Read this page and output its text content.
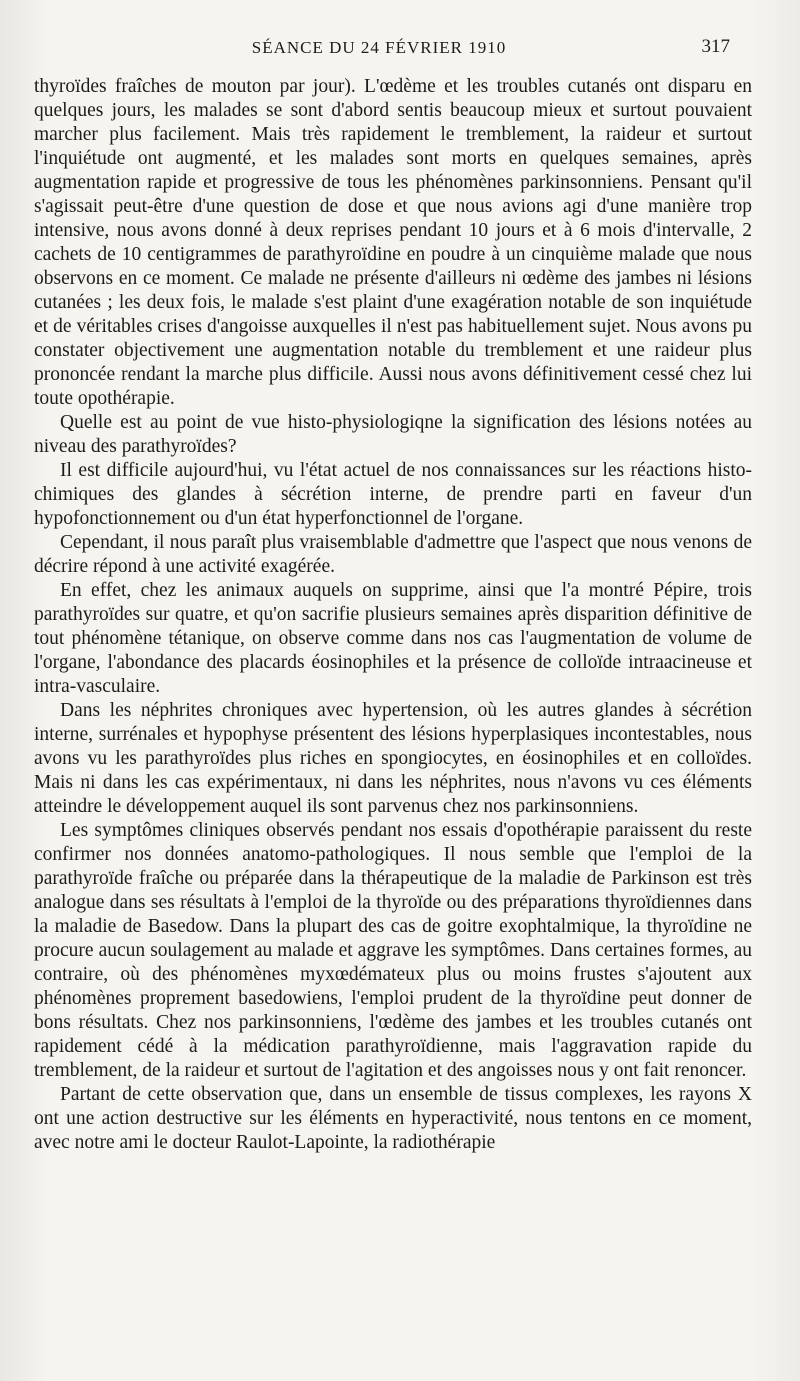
SÉANCE DU 24 FÉVRIER 1910	317

thyroïdes fraîches de mouton par jour). L'œdème et les troubles cutanés ont disparu en quelques jours, les malades se sont d'abord sentis beaucoup mieux et surtout pouvaient marcher plus facilement. Mais très rapidement le tremblement, la raideur et surtout l'inquiétude ont augmenté, et les malades sont morts en quelques semaines, après augmentation rapide et progressive de tous les phénomènes parkinsonniens. Pensant qu'il s'agissait peut-être d'une question de dose et que nous avions agi d'une manière trop intensive, nous avons donné à deux reprises pendant 10 jours et à 6 mois d'intervalle, 2 cachets de 10 centigrammes de parathyroïdine en poudre à un cinquième malade que nous observons en ce moment. Ce malade ne présente d'ailleurs ni œdème des jambes ni lésions cutanées ; les deux fois, le malade s'est plaint d'une exagération notable de son inquiétude et de véritables crises d'angoisse auxquelles il n'est pas habituellement sujet. Nous avons pu constater objectivement une augmentation notable du tremblement et une raideur plus prononcée rendant la marche plus difficile. Aussi nous avons définitivement cessé chez lui toute opothérapie.

Quelle est au point de vue histo-physiologiqne la signification des lésions notées au niveau des parathyroïdes?

Il est difficile aujourd'hui, vu l'état actuel de nos connaissances sur les réactions histo-chimiques des glandes à sécrétion interne, de prendre parti en faveur d'un hypofonctionnement ou d'un état hyperfonctionnel de l'organe.

Cependant, il nous paraît plus vraisemblable d'admettre que l'aspect que nous venons de décrire répond à une activité exagérée.

En effet, chez les animaux auquels on supprime, ainsi que l'a montré Pépire, trois parathyroïdes sur quatre, et qu'on sacrifie plusieurs semaines après disparition définitive de tout phénomène tétanique, on observe comme dans nos cas l'augmentation de volume de l'organe, l'abondance des placards éosinophiles et la présence de colloïde intraacineuse et intra-vasculaire.

Dans les néphrites chroniques avec hypertension, où les autres glandes à sécrétion interne, surrénales et hypophyse présentent des lésions hyperplasiques incontestables, nous avons vu les parathyroïdes plus riches en spongiocytes, en éosinophiles et en colloïdes. Mais ni dans les cas expérimentaux, ni dans les néphrites, nous n'avons vu ces éléments atteindre le développement auquel ils sont parvenus chez nos parkinsonniens.

Les symptômes cliniques observés pendant nos essais d'opothérapie paraissent du reste confirmer nos données anatomo-pathologiques. Il nous semble que l'emploi de la parathyroïde fraîche ou préparée dans la thérapeutique de la maladie de Parkinson est très analogue dans ses résultats à l'emploi de la thyroïde ou des préparations thyroïdiennes dans la maladie de Basedow. Dans la plupart des cas de goitre exophtalmique, la thyroïdine ne procure aucun soulagement au malade et aggrave les symptômes. Dans certaines formes, au contraire, où des phénomènes myxœdémateux plus ou moins frustes s'ajoutent aux phénomènes proprement basedowiens, l'emploi prudent de la thyroïdine peut donner de bons résultats. Chez nos parkinsonniens, l'œdème des jambes et les troubles cutanés ont rapidement cédé à la médication parathyroïdienne, mais l'aggravation rapide du tremblement, de la raideur et surtout de l'agitation et des angoisses nous y ont fait renoncer.

Partant de cette observation que, dans un ensemble de tissus complexes, les rayons X ont une action destructive sur les éléments en hyperactivité, nous tentons en ce moment, avec notre ami le docteur Raulot-Lapointe, la radiothérapie
